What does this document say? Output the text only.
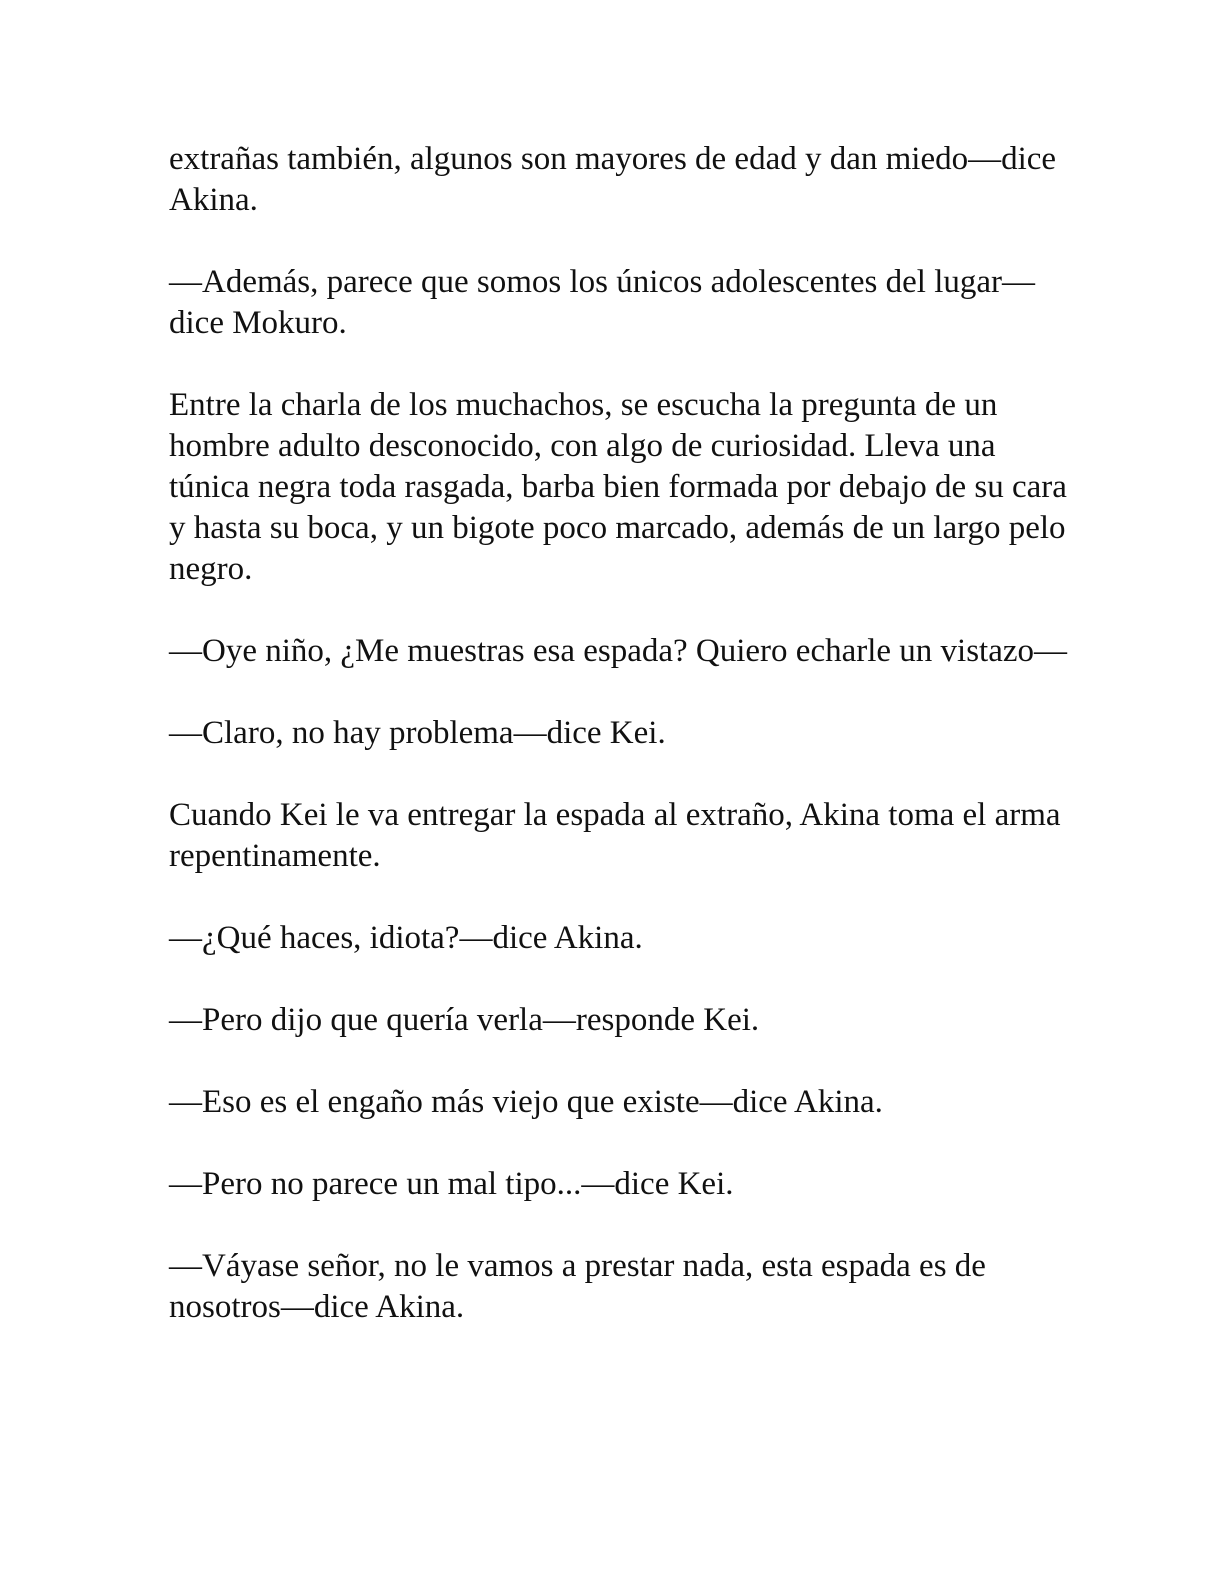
extrañas también, algunos son mayores de edad y dan miedo—dice Akina.

—Además, parece que somos los únicos adolescentes del lugar—dice Mokuro.

Entre la charla de los muchachos, se escucha la pregunta de un hombre adulto desconocido, con algo de curiosidad. Lleva una túnica negra toda rasgada, barba bien formada por debajo de su cara y hasta su boca, y un bigote poco marcado, además de un largo pelo negro.

—Oye niño, ¿Me muestras esa espada? Quiero echarle un vistazo—

—Claro, no hay problema—dice Kei.

Cuando Kei le va entregar la espada al extraño, Akina toma el arma repentinamente.

—¿Qué haces, idiota?—dice Akina.

—Pero dijo que quería verla—responde Kei.

—Eso es el engaño más viejo que existe—dice Akina.

—Pero no parece un mal tipo...—dice Kei.

—Váyase señor, no le vamos a prestar nada, esta espada es de nosotros—dice Akina.
